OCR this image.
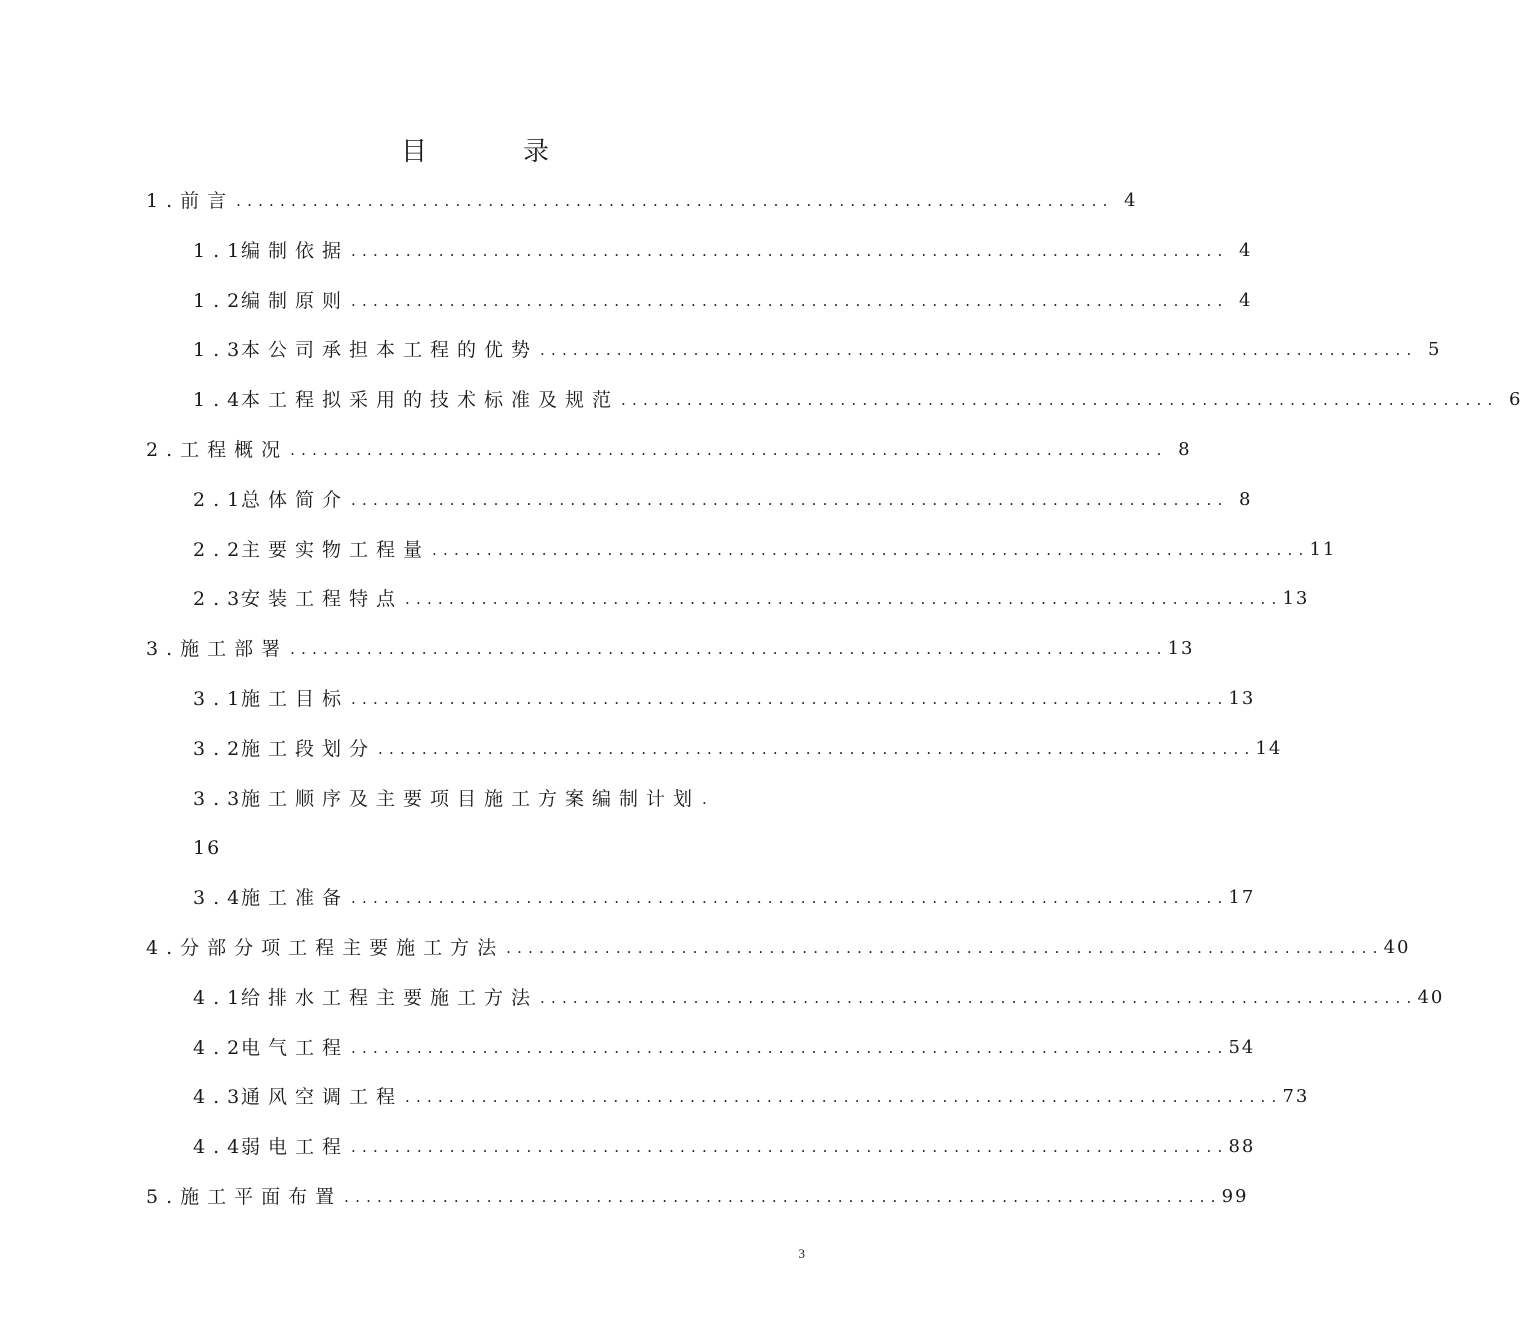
目	录
1. 前言 ................................................................................ 4
1.1
编制依据 ................................................................................ 4
1.2
编制原则 ................................................................................ 4
1.3
本公司承担本工程的优势 ................................................................................ 5
1.4
本工程拟采用的技术标准及规范 ................................................................................ 6
2. 工程概况 ................................................................................ 8
2.1
总体简介 ................................................................................ 8
2.2
主要实物工程量 ................................................................................ 11
2.3
安装工程特点 ................................................................................ 13
3. 施工部署 ................................................................................ 13
3.1
施工目标 ................................................................................ 13
3.2
施工段划分 ................................................................................ 14
3.3
施工顺序及主要项目施工方案编制计划 .
16
3.4
施工准备 ................................................................................ 17
4. 分部分项工程主要施工方法 ................................................................................ 40
4.1
给排水工程主要施工方法 ................................................................................ 40
4.2
电气工程 ................................................................................ 54
4.3
通风空调工程 ................................................................................ 73
4.4
弱电工程 ................................................................................ 88
5. 施工平面布置 ................................................................................ 99
3
